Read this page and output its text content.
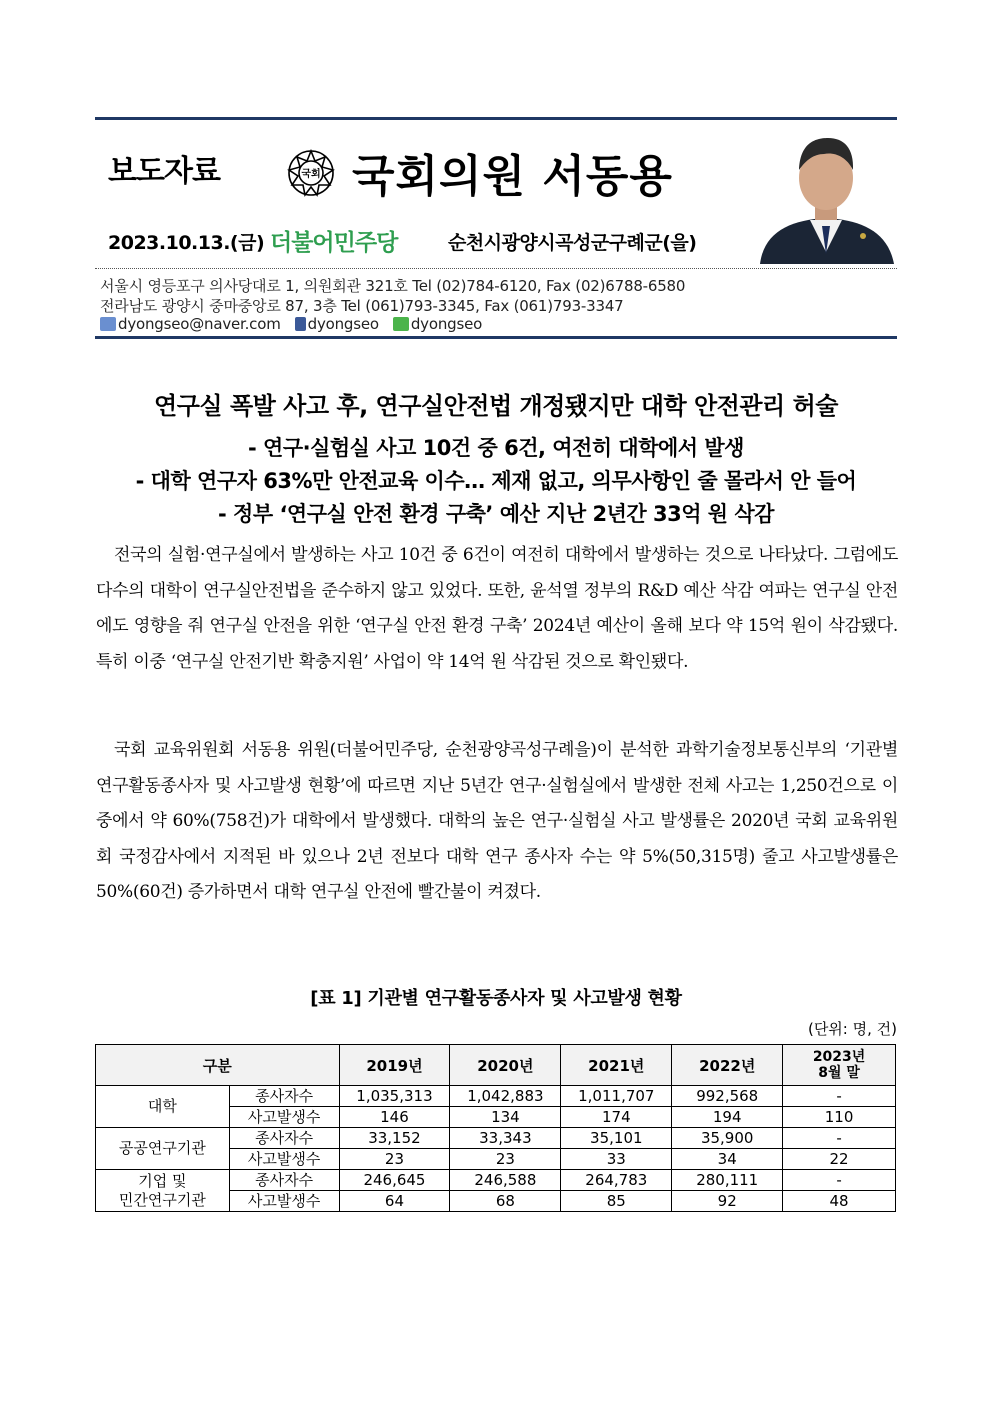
보도자료	국회 국회의원 서동용
2023.10.13.(금) 더불어민주당	순천시광양시곡성군구례군(을)
서울시 영등포구 의사당대로 1, 의원회관 321호 Tel (02)784-6120, Fax (02)6788-6580
전라남도 광양시 중마중앙로 87, 3층 Tel (061)793-3345, Fax (061)793-3347
dyongseo@naver.com dyongseo dyongseo
연구실 폭발 사고 후, 연구실안전법 개정됐지만 대학 안전관리 허술
- 연구·실험실 사고 10건 중 6건, 여전히 대학에서 발생
- 대학 연구자 63%만 안전교육 이수… 제재 없고, 의무사항인 줄 몰라서 안 들어
- 정부 ‘연구실 안전 환경 구축’ 예산 지난 2년간 33억 원 삭감

전국의 실험·연구실에서 발생하는 사고 10건 중 6건이 여전히 대학에서 발생하는 것으로 나타났다. 그럼에도 다수의 대학이 연구실안전법을 준수하지 않고 있었다. 또한, 윤석열 정부의 R&D 예산 삭감 여파는 연구실 안전에도 영향을 줘 연구실 안전을 위한 ‘연구실 안전 환경 구축’ 2024년 예산이 올해 보다 약 15억 원이 삭감됐다. 특히 이중 ‘연구실 안전기반 확충지원’ 사업이 약 14억 원 삭감된 것으로 확인됐다.

국회 교육위원회 서동용 위원(더불어민주당, 순천광양곡성구례을)이 분석한 과학기술정보통신부의 ‘기관별 연구활동종사자 및 사고발생 현황’에 따르면 지난 5년간 연구·실험실에서 발생한 전체 사고는 1,250건으로 이 중에서 약 60%(758건)가 대학에서 발생했다. 대학의 높은 연구·실험실 사고 발생률은 2020년 국회 교육위원회 국정감사에서 지적된 바 있으나 2년 전보다 대학 연구 종사자 수는 약 5%(50,315명) 줄고 사고발생률은 50%(60건) 증가하면서 대학 연구실 안전에 빨간불이 켜졌다.

[표 1] 기관별 연구활동종사자 및 사고발생 현황
(단위: 명, 건)
구분		2019년	2020년	2021년	2022년	2023년
8월 말
대학	종사자수	1,035,313	1,042,883	1,011,707	992,568	-
	사고발생수	146	134	174	194	110
공공연구기관	종사자수	33,152	33,343	35,101	35,900	-
	사고발생수	23	23	33	34	22
기업 및
민간연구기관	종사자수	246,645	246,588	264,783	280,111	-
	사고발생수	64	68	85	92	48
